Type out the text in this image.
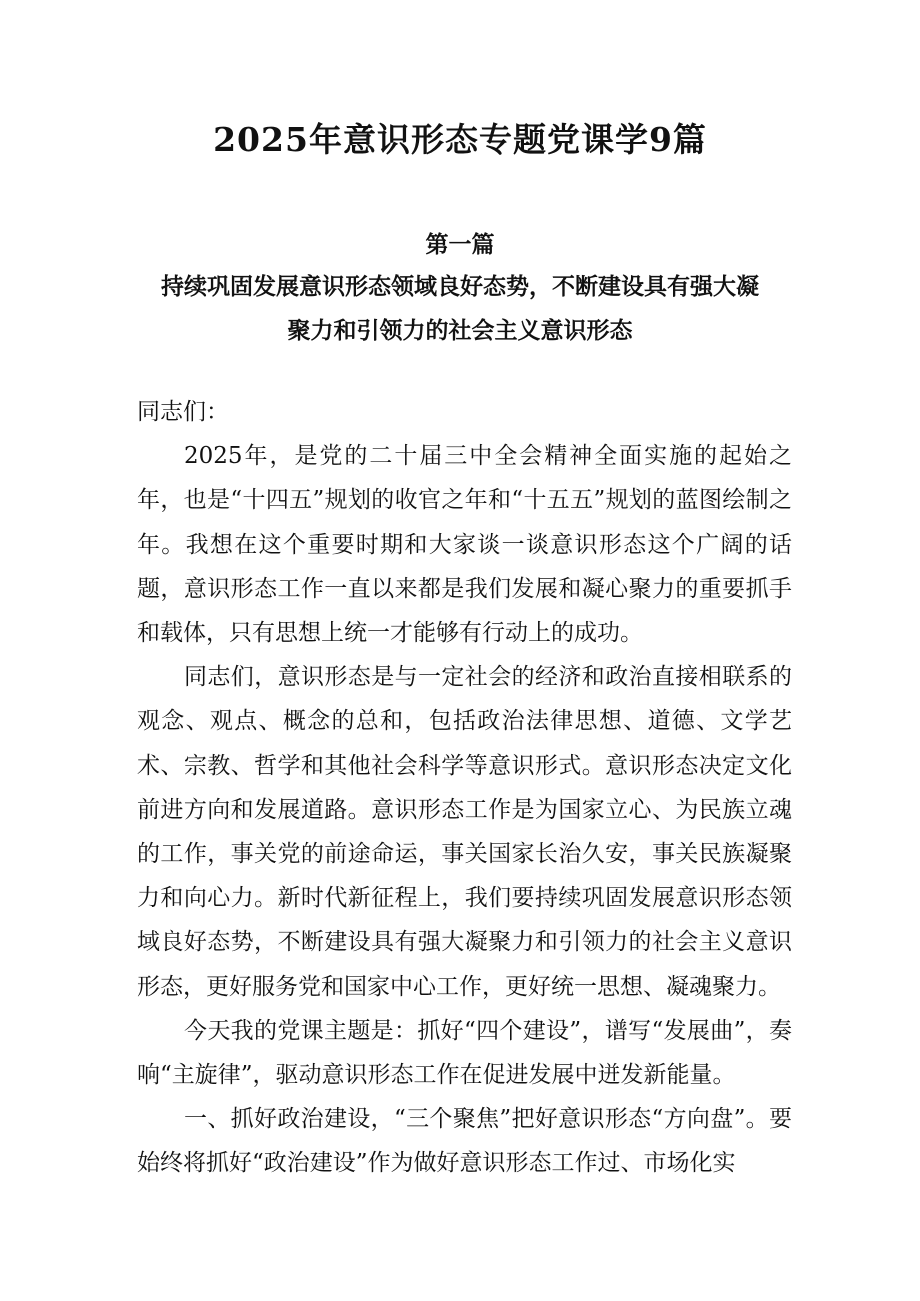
2025年意识形态专题党课学9篇
第一篇
持续巩固发展意识形态领域良好态势，不断建设具有强大凝
聚力和引领力的社会主义意识形态

同志们：

2025年，是党的二十届三中全会精神全面实施的起始之年，也是“十四五”规划的收官之年和“十五五”规划的蓝图绘制之年。我想在这个重要时期和大家谈一谈意识形态这个广阔的话题，意识形态工作一直以来都是我们发展和凝心聚力的重要抓手和载体，只有思想上统一才能够有行动上的成功。

同志们，意识形态是与一定社会的经济和政治直接相联系的观念、观点、概念的总和，包括政治法律思想、道德、文学艺术、宗教、哲学和其他社会科学等意识形式。意识形态决定文化前进方向和发展道路。意识形态工作是为国家立心、为民族立魂的工作，事关党的前途命运，事关国家长治久安，事关民族凝聚力和向心力。新时代新征程上，我们要持续巩固发展意识形态领域良好态势，不断建设具有强大凝聚力和引领力的社会主义意识形态，更好服务党和国家中心工作，更好统一思想、凝魂聚力。

今天我的党课主题是：抓好“四个建设”，谱写“发展曲”，奏响“主旋律”，驱动意识形态工作在促进发展中迸发新能量。

一、抓好政治建设，“三个聚焦”把好意识形态“方向盘”。要始终将抓好“政治建设”作为做好意识形态工作过、市场化实
